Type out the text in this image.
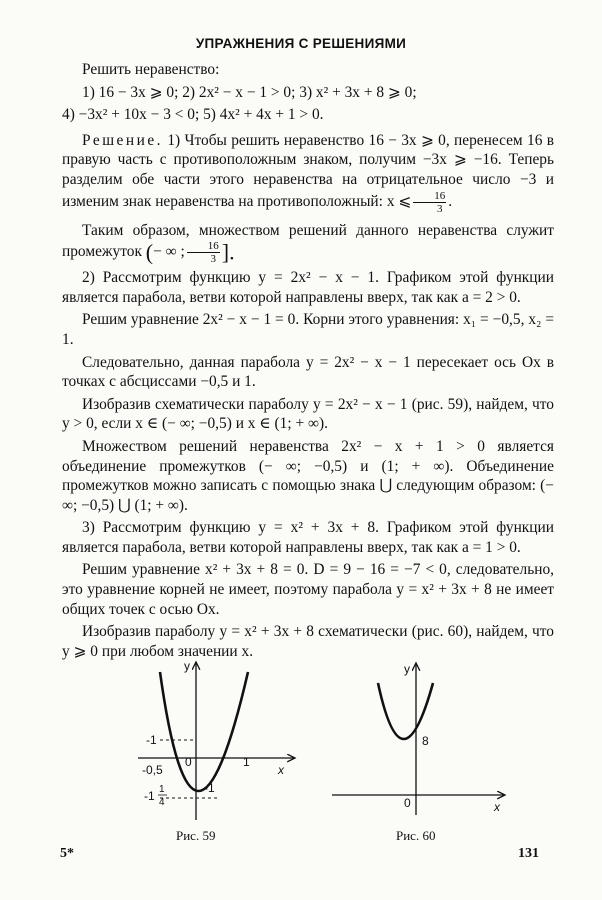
УПРАЖНЕНИЯ С РЕШЕНИЯМИ

Решить неравенство:

1) 16 − 3x ⩾ 0; 2) 2x² − x − 1 > 0; 3) x² + 3x + 8 ⩾ 0;

4) −3x² + 10x − 3 < 0; 5) 4x² + 4x + 1 > 0.

Решение. 1) Чтобы решить неравенство 16 − 3x ⩾ 0, перенесем 16 в правую часть с противоположным знаком, получим −3x ⩾ −16. Теперь разделим обе части этого неравенства на отрицательное число −3 и изменим знак неравенства на противоположный: x ⩽ $\frac{16}{3}$ .

Таким образом, множеством решений данного неравенства служит промежуток (− ∞ ; $\frac{16}{3}$ ].

2) Рассмотрим функцию y = 2x² − x − 1. Графиком этой функции является парабола, ветви которой направлены вверх, так как a = 2 > 0.

Решим уравнение 2x² − x − 1 = 0. Корни этого уравнения: x₁ = −0,5, x₂ = 1.

Следовательно, данная парабола y = 2x² − x − 1 пересекает ось Ox в точках с абсциссами −0,5 и 1.

Изобразив схематически параболу y = 2x² − x − 1 (рис. 59), найдем, что y > 0, если x ∈ (− ∞; −0,5) и x ∈ (1; + ∞).

Множеством решений неравенства 2x² − x + 1 > 0 является объединение промежутков (− ∞; −0,5) и (1; + ∞). Объединение промежутков можно записать с помощью знака ⋃ следующим образом: (− ∞; −0,5) ⋃ (1; + ∞).

3) Рассмотрим функцию y = x² + 3x + 8. Графиком этой функции является парабола, ветви которой направлены вверх, так как a = 1 > 0.

Решим уравнение x² + 3x + 8 = 0. D = 9 − 16 = −7 < 0, следовательно, это уравнение корней не имеет, поэтому парабола y = x² + 3x + 8 не имеет общих точек с осью Ox.

Изобразив параболу y = x² + 3x + 8 схематически (рис. 60), найдем, что y ⩾ 0 при любом значении x.

y
x
-1
-0,5
0	1
-1
-1 1
4
Рис. 59
y
x
8
0
Рис. 60
5*	131
